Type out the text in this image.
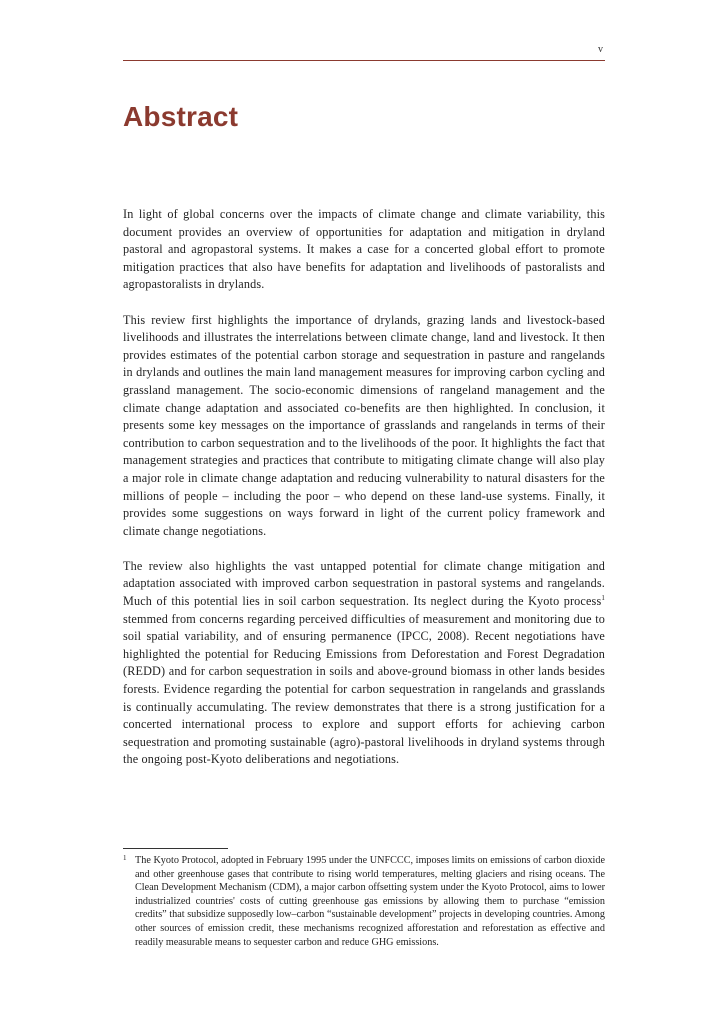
v
Abstract

In light of global concerns over the impacts of climate change and climate variability, this document provides an overview of opportunities for adaptation and mitigation in dryland pastoral and agropastoral systems. It makes a case for a concerted global effort to promote mitigation practices that also have benefits for adaptation and livelihoods of pastoralists and agropastoralists in drylands.

This review first highlights the importance of drylands, grazing lands and livestock-based livelihoods and illustrates the interrelations between climate change, land and livestock. It then provides estimates of the potential carbon storage and sequestration in pasture and rangelands in drylands and outlines the main land management measures for improving carbon cycling and grassland management. The socio-economic dimensions of rangeland management and the climate change adaptation and associated co-benefits are then highlighted. In conclusion, it presents some key messages on the importance of grasslands and rangelands in terms of their contribution to carbon sequestration and to the livelihoods of the poor. It highlights the fact that management strategies and practices that contribute to mitigating climate change will also play a major role in climate change adaptation and reducing vulnerability to natural disasters for the millions of people – including the poor – who depend on these land-use systems. Finally, it provides some suggestions on ways forward in light of the current policy framework and climate change negotiations.

The review also highlights the vast untapped potential for climate change mitigation and adaptation associated with improved carbon sequestration in pastoral systems and rangelands. Much of this potential lies in soil carbon sequestration. Its neglect during the Kyoto process$^1$ stemmed from concerns regarding perceived difficulties of measurement and monitoring due to soil spatial variability, and of ensuring permanence (IPCC, 2008). Recent negotiations have highlighted the potential for Reducing Emissions from Deforestation and Forest Degradation (REDD) and for carbon sequestration in soils and above-ground biomass in other lands besides forests. Evidence regarding the potential for carbon sequestration in rangelands and grasslands is continually accumulating. The review demonstrates that there is a strong justification for a concerted international process to explore and support efforts for achieving carbon sequestration and promoting sustainable (agro)-pastoral livelihoods in dryland systems through the ongoing post-Kyoto deliberations and negotiations.

1 The Kyoto Protocol, adopted in February 1995 under the UNFCCC, imposes limits on emissions of carbon dioxide and other greenhouse gases that contribute to rising world temperatures, melting glaciers and rising oceans. The Clean Development Mechanism (CDM), a major carbon offsetting system under the Kyoto Protocol, aims to lower industrialized countries' costs of cutting greenhouse gas emissions by allowing them to purchase “emission credits” that subsidize supposedly low–carbon “sustainable development” projects in developing countries. Among other sources of emission credit, these mechanisms recognized afforestation and reforestation as effective and readily measurable means to sequester carbon and reduce GHG emissions.
